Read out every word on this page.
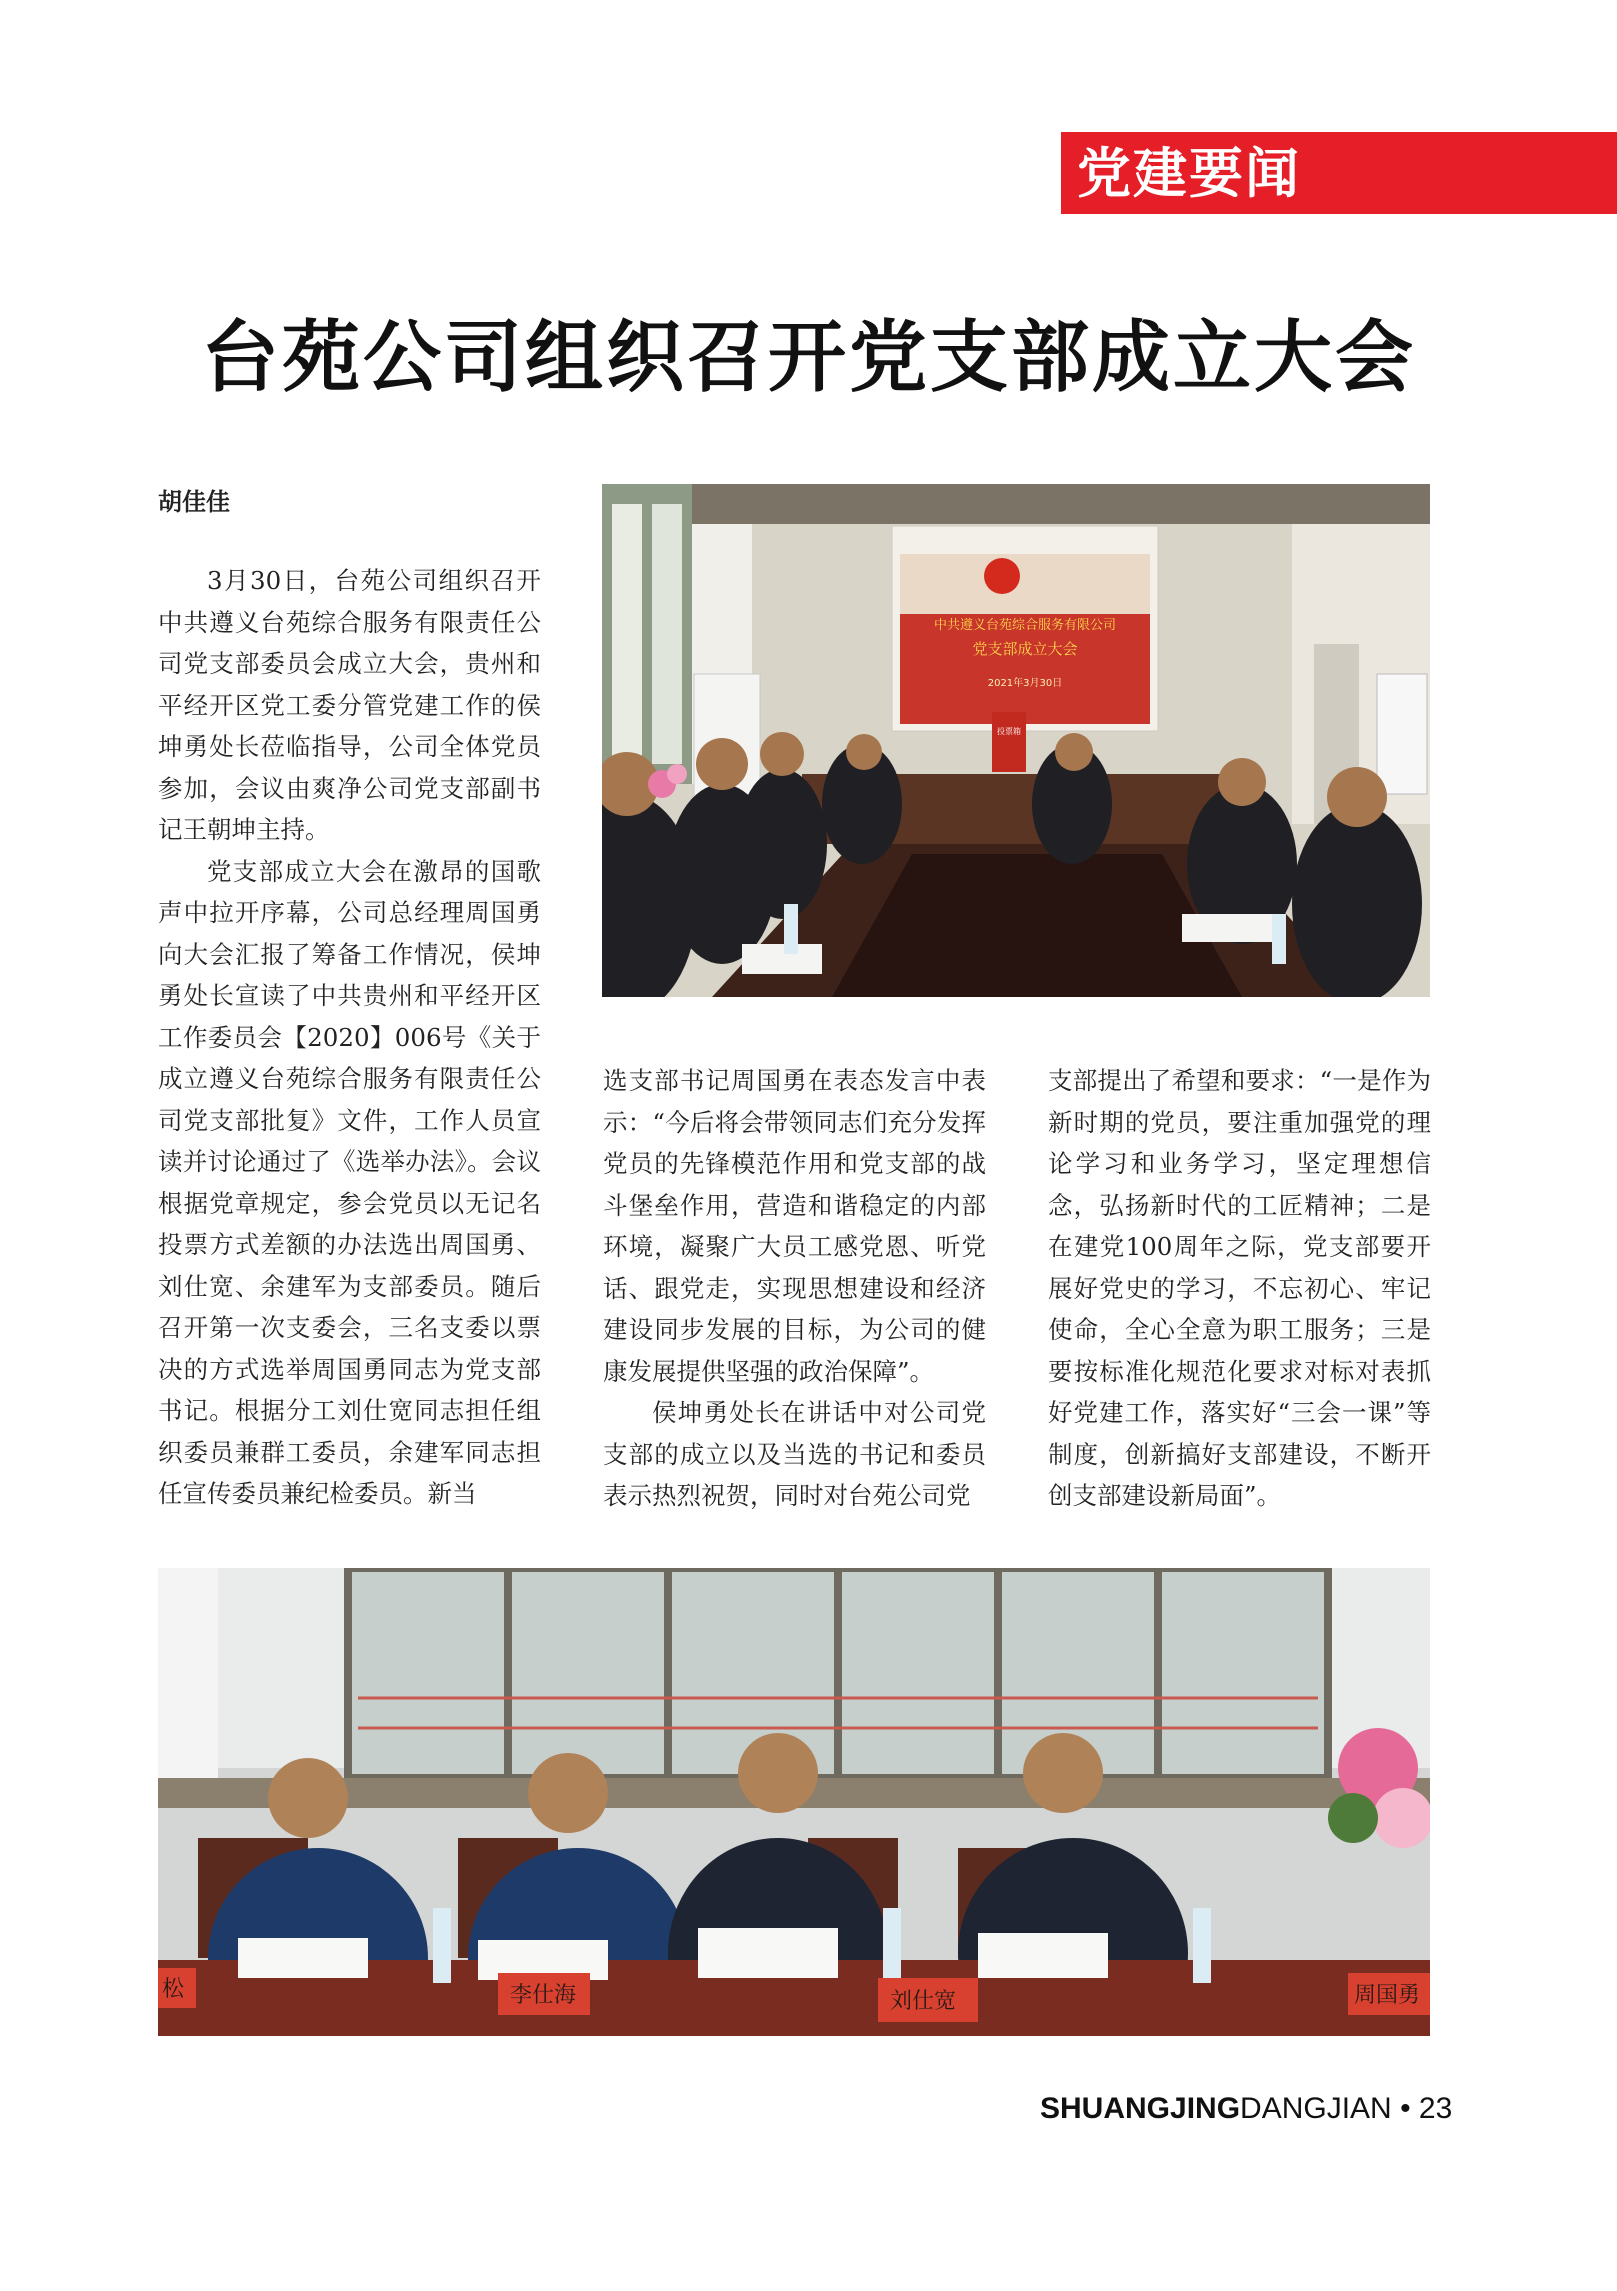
党建要闻
台苑公司组织召开党支部成立大会
胡佳佳

3月30日，台苑公司组织召开中共遵义台苑综合服务有限责任公司党支部委员会成立大会，贵州和平经开区党工委分管党建工作的侯坤勇处长莅临指导，公司全体党员参加，会议由爽净公司党支部副书记王朝坤主持。

党支部成立大会在激昂的国歌声中拉开序幕，公司总经理周国勇向大会汇报了筹备工作情况，侯坤勇处长宣读了中共贵州和平经开区工作委员会【2020】006号《关于成立遵义台苑综合服务有限责任公司党支部批复》文件，工作人员宣读并讨论通过了《选举办法》。会议根据党章规定，参会党员以无记名投票方式差额的办法选出周国勇、刘仕宽、余建军为支部委员。随后召开第一次支委会，三名支委以票决的方式选举周国勇同志为党支部书记。根据分工刘仕宽同志担任组织委员兼群工委员，余建军同志担任宣传委员兼纪检委员。新当

选支部书记周国勇在表态发言中表示：“今后将会带领同志们充分发挥党员的先锋模范作用和党支部的战斗堡垒作用，营造和谐稳定的内部环境，凝聚广大员工感党恩、听党话、跟党走，实现思想建设和经济建设同步发展的目标，为公司的健康发展提供坚强的政治保障”。

侯坤勇处长在讲话中对公司党支部的成立以及当选的书记和委员表示热烈祝贺，同时对台苑公司党

支部提出了希望和要求：“一是作为新时期的党员，要注重加强党的理论学习和业务学习，坚定理想信念，弘扬新时代的工匠精神；二是在建党100周年之际，党支部要开展好党史的学习，不忘初心、牢记使命，全心全意为职工服务；三是要按标准化规范化要求对标对表抓好党建工作，落实好“三会一课”等制度，创新搞好支部建设，不断开创支部建设新局面”。

中共遵义台苑综合服务有限公司
党支部成立大会
2021年3月30日
投票箱
松	李仕海	刘仕宽	周国勇
SHUANGJINGDANGJIAN • 23
